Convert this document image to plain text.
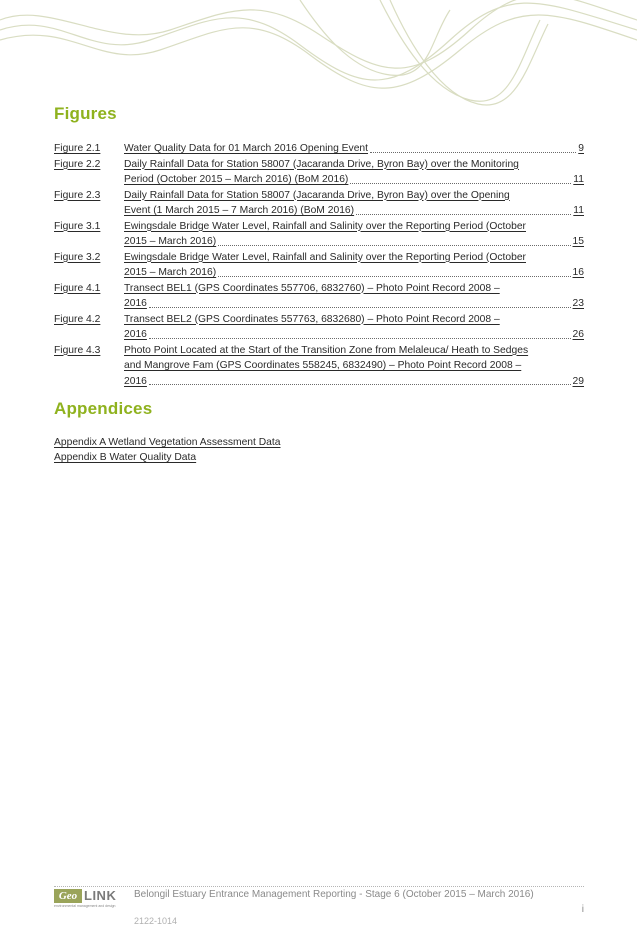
Figures
Figure 2.1	Water Quality Data for 01 March 2016 Opening Event	9
Figure 2.2	Daily Rainfall Data for Station 58007 (Jacaranda Drive, Byron Bay) over the Monitoring
Period (October 2015 – March 2016) (BoM 2016)	11
Figure 2.3	Daily Rainfall Data for Station 58007 (Jacaranda Drive, Byron Bay) over the Opening
Event (1 March 2015 – 7 March 2016) (BoM 2016)	11
Figure 3.1	Ewingsdale Bridge Water Level, Rainfall and Salinity over the Reporting Period (October
2015 – March 2016)	15
Figure 3.2	Ewingsdale Bridge Water Level, Rainfall and Salinity over the Reporting Period (October
2015 – March 2016)	16
Figure 4.1	Transect BEL1 (GPS Coordinates 557706, 6832760) – Photo Point Record 2008 –
2016	23
Figure 4.2	Transect BEL2 (GPS Coordinates 557763, 6832680) – Photo Point Record 2008 –
2016	26
Figure 4.3	Photo Point Located at the Start of the Transition Zone from Melaleuca/ Heath to Sedges
and Mangrove Fam (GPS Coordinates 558245, 6832490) – Photo Point Record 2008 –
2016	29
Appendices
Appendix A Wetland Vegetation Assessment Data
Appendix B Water Quality Data
Geo LINK
environmental management and design
Belongil Estuary Entrance Management Reporting - Stage 6 (October 2015 – March 2016)
i
2122-1014
